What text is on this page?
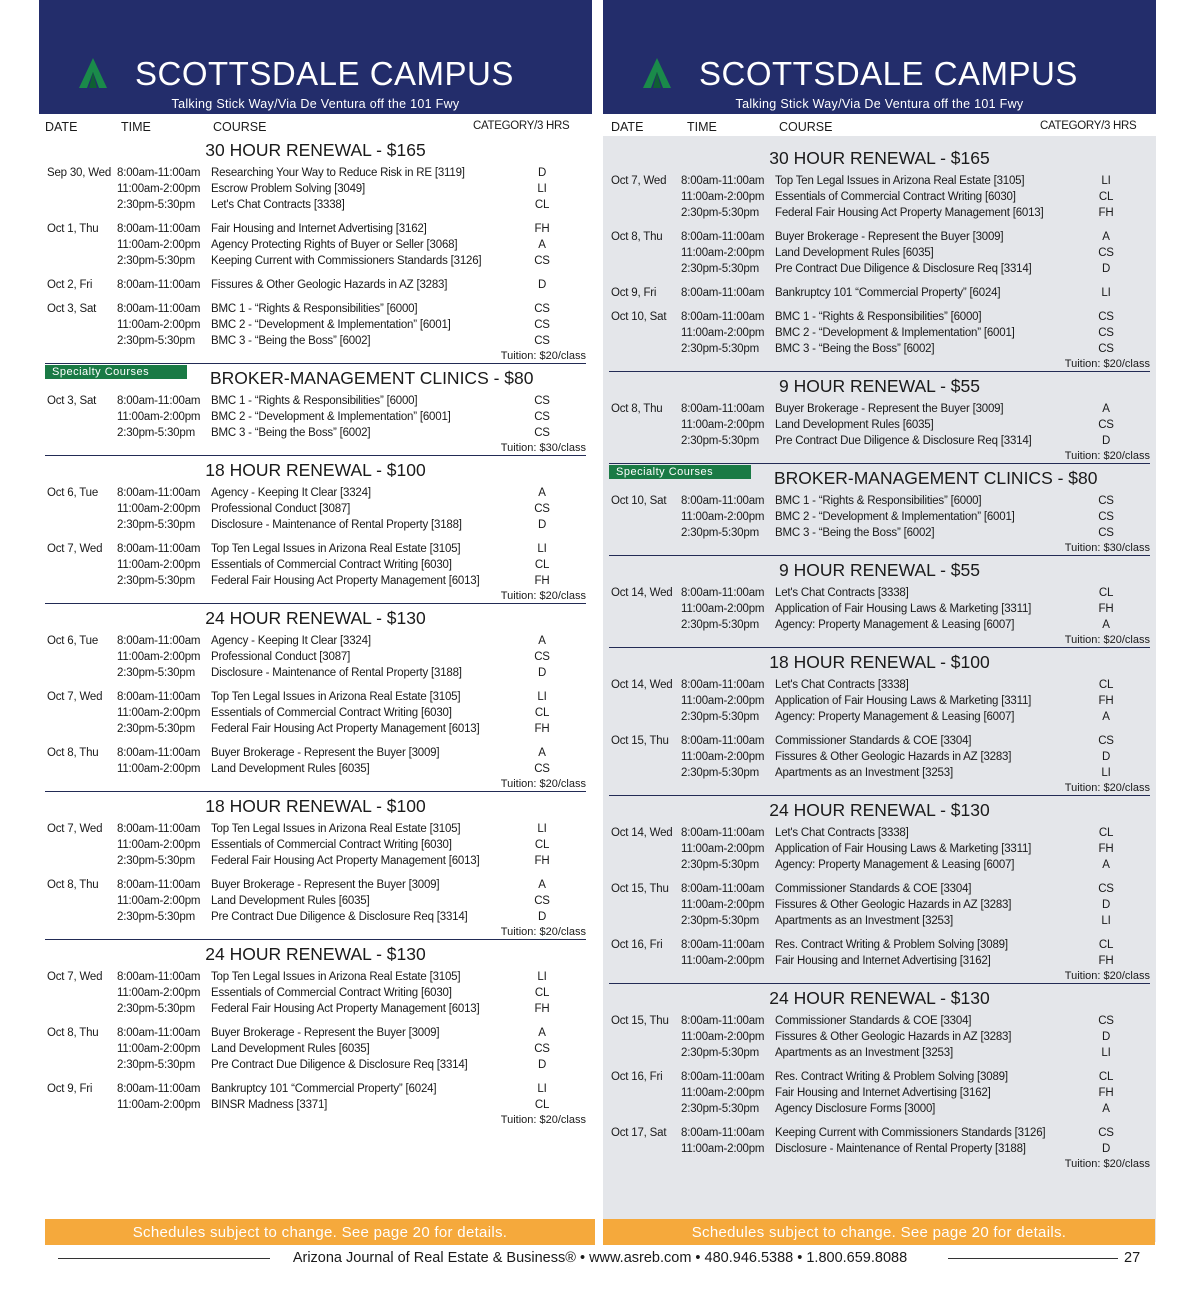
SCOTTSDALE CAMPUS
Talking Stick Way/Via De Ventura off the 101 Fwy
DATE	TIME	COURSE	CATEGORY/3 HRS
30 HOUR RENEWAL - $165
Sep 30, Wed 8:00am-11:00am Researching Your Way to Reduce Risk in RE [3119]	D
11:00am-2:00pm Escrow Problem Solving [3049]	LI
2:30pm-5:30pm Let's Chat Contracts [3338]	CL
Oct 1, Thu 8:00am-11:00am Fair Housing and Internet Advertising [3162]	FH
11:00am-2:00pm Agency Protecting Rights of Buyer or Seller [3068]	A
2:30pm-5:30pm Keeping Current with Commissioners Standards [3126]	CS
Oct 2, Fri 8:00am-11:00am Fissures & Other Geologic Hazards in AZ [3283]	D
Oct 3, Sat 8:00am-11:00am BMC 1 - “Rights & Responsibilities” [6000]	CS
11:00am-2:00pm BMC 2 - “Development & Implementation” [6001]	CS
2:30pm-5:30pm BMC 3 - “Being the Boss” [6002]	CS
Tuition: $20/class
Specialty Courses	BROKER-MANAGEMENT CLINICS - $80
Oct 3, Sat 8:00am-11:00am BMC 1 - “Rights & Responsibilities” [6000]	CS
11:00am-2:00pm BMC 2 - “Development & Implementation” [6001]	CS
2:30pm-5:30pm BMC 3 - “Being the Boss” [6002]	CS
Tuition: $30/class
18 HOUR RENEWAL - $100
Oct 6, Tue 8:00am-11:00am Agency - Keeping It Clear [3324]	A
11:00am-2:00pm Professional Conduct [3087]	CS
2:30pm-5:30pm Disclosure - Maintenance of Rental Property [3188]	D
Oct 7, Wed 8:00am-11:00am Top Ten Legal Issues in Arizona Real Estate [3105]	LI
11:00am-2:00pm Essentials of Commercial Contract Writing [6030]	CL
2:30pm-5:30pm Federal Fair Housing Act Property Management [6013]	FH
Tuition: $20/class
24 HOUR RENEWAL - $130
Oct 6, Tue 8:00am-11:00am Agency - Keeping It Clear [3324]	A
11:00am-2:00pm Professional Conduct [3087]	CS
2:30pm-5:30pm Disclosure - Maintenance of Rental Property [3188]	D
Oct 7, Wed 8:00am-11:00am Top Ten Legal Issues in Arizona Real Estate [3105]	LI
11:00am-2:00pm Essentials of Commercial Contract Writing [6030]	CL
2:30pm-5:30pm Federal Fair Housing Act Property Management [6013]	FH
Oct 8, Thu 8:00am-11:00am Buyer Brokerage - Represent the Buyer [3009]	A
11:00am-2:00pm Land Development Rules [6035]	CS
Tuition: $20/class
18 HOUR RENEWAL - $100
Oct 7, Wed 8:00am-11:00am Top Ten Legal Issues in Arizona Real Estate [3105]	LI
11:00am-2:00pm Essentials of Commercial Contract Writing [6030]	CL
2:30pm-5:30pm Federal Fair Housing Act Property Management [6013]	FH
Oct 8, Thu 8:00am-11:00am Buyer Brokerage - Represent the Buyer [3009]	A
11:00am-2:00pm Land Development Rules [6035]	CS
2:30pm-5:30pm Pre Contract Due Diligence & Disclosure Req [3314]	D
Tuition: $20/class
24 HOUR RENEWAL - $130
Oct 7, Wed 8:00am-11:00am Top Ten Legal Issues in Arizona Real Estate [3105]	LI
11:00am-2:00pm Essentials of Commercial Contract Writing [6030]	CL
2:30pm-5:30pm Federal Fair Housing Act Property Management [6013]	FH
Oct 8, Thu 8:00am-11:00am Buyer Brokerage - Represent the Buyer [3009]	A
11:00am-2:00pm Land Development Rules [6035]	CS
2:30pm-5:30pm Pre Contract Due Diligence & Disclosure Req [3314]	D
Oct 9, Fri 8:00am-11:00am Bankruptcy 101 “Commercial Property” [6024]	LI
11:00am-2:00pm BINSR Madness [3371]	CL
Tuition: $20/class
SCOTTSDALE CAMPUS
Talking Stick Way/Via De Ventura off the 101 Fwy
DATE	TIME	COURSE	CATEGORY/3 HRS
30 HOUR RENEWAL - $165
Oct 7, Wed 8:00am-11:00am Top Ten Legal Issues in Arizona Real Estate [3105]	LI
11:00am-2:00pm Essentials of Commercial Contract Writing [6030]	CL
2:30pm-5:30pm Federal Fair Housing Act Property Management [6013]	FH
Oct 8, Thu 8:00am-11:00am Buyer Brokerage - Represent the Buyer [3009]	A
11:00am-2:00pm Land Development Rules [6035]	CS
2:30pm-5:30pm Pre Contract Due Diligence & Disclosure Req [3314]	D
Oct 9, Fri 8:00am-11:00am Bankruptcy 101 “Commercial Property” [6024]	LI
Oct 10, Sat 8:00am-11:00am BMC 1 - “Rights & Responsibilities” [6000]	CS
11:00am-2:00pm BMC 2 - “Development & Implementation” [6001]	CS
2:30pm-5:30pm BMC 3 - “Being the Boss” [6002]	CS
Tuition: $20/class
9 HOUR RENEWAL - $55
Oct 8, Thu 8:00am-11:00am Buyer Brokerage - Represent the Buyer [3009]	A
11:00am-2:00pm Land Development Rules [6035]	CS
2:30pm-5:30pm Pre Contract Due Diligence & Disclosure Req [3314]	D
Tuition: $20/class
Specialty Courses	BROKER-MANAGEMENT CLINICS - $80
Oct 10, Sat 8:00am-11:00am BMC 1 - “Rights & Responsibilities” [6000]	CS
11:00am-2:00pm BMC 2 - “Development & Implementation” [6001]	CS
2:30pm-5:30pm BMC 3 - “Being the Boss” [6002]	CS
Tuition: $30/class
9 HOUR RENEWAL - $55
Oct 14, Wed 8:00am-11:00am Let's Chat Contracts [3338]	CL
11:00am-2:00pm Application of Fair Housing Laws & Marketing [3311]	FH
2:30pm-5:30pm Agency: Property Management & Leasing [6007]	A
Tuition: $20/class
18 HOUR RENEWAL - $100
Oct 14, Wed 8:00am-11:00am Let's Chat Contracts [3338]	CL
11:00am-2:00pm Application of Fair Housing Laws & Marketing [3311]	FH
2:30pm-5:30pm Agency: Property Management & Leasing [6007]	A
Oct 15, Thu 8:00am-11:00am Commissioner Standards & COE [3304]	CS
11:00am-2:00pm Fissures & Other Geologic Hazards in AZ [3283]	D
2:30pm-5:30pm Apartments as an Investment [3253]	LI
Tuition: $20/class
24 HOUR RENEWAL - $130
Oct 14, Wed 8:00am-11:00am Let's Chat Contracts [3338]	CL
11:00am-2:00pm Application of Fair Housing Laws & Marketing [3311]	FH
2:30pm-5:30pm Agency: Property Management & Leasing [6007]	A
Oct 15, Thu 8:00am-11:00am Commissioner Standards & COE [3304]	CS
11:00am-2:00pm Fissures & Other Geologic Hazards in AZ [3283]	D
2:30pm-5:30pm Apartments as an Investment [3253]	LI
Oct 16, Fri 8:00am-11:00am Res. Contract Writing & Problem Solving [3089]	CL
11:00am-2:00pm Fair Housing and Internet Advertising [3162]	FH
Tuition: $20/class
24 HOUR RENEWAL - $130
Oct 15, Thu 8:00am-11:00am Commissioner Standards & COE [3304]	CS
11:00am-2:00pm Fissures & Other Geologic Hazards in AZ [3283]	D
2:30pm-5:30pm Apartments as an Investment [3253]	LI
Oct 16, Fri 8:00am-11:00am Res. Contract Writing & Problem Solving [3089]	CL
11:00am-2:00pm Fair Housing and Internet Advertising [3162]	FH
2:30pm-5:30pm Agency Disclosure Forms [3000]	A
Oct 17, Sat 8:00am-11:00am Keeping Current with Commissioners Standards [3126]	CS
11:00am-2:00pm Disclosure - Maintenance of Rental Property [3188]	D
Tuition: $20/class
Schedules subject to change. See page 20 for details.	Schedules subject to change. See page 20 for details.
Arizona Journal of Real Estate & Business® • www.asreb.com • 480.946.5388 • 1.800.659.8088	27
